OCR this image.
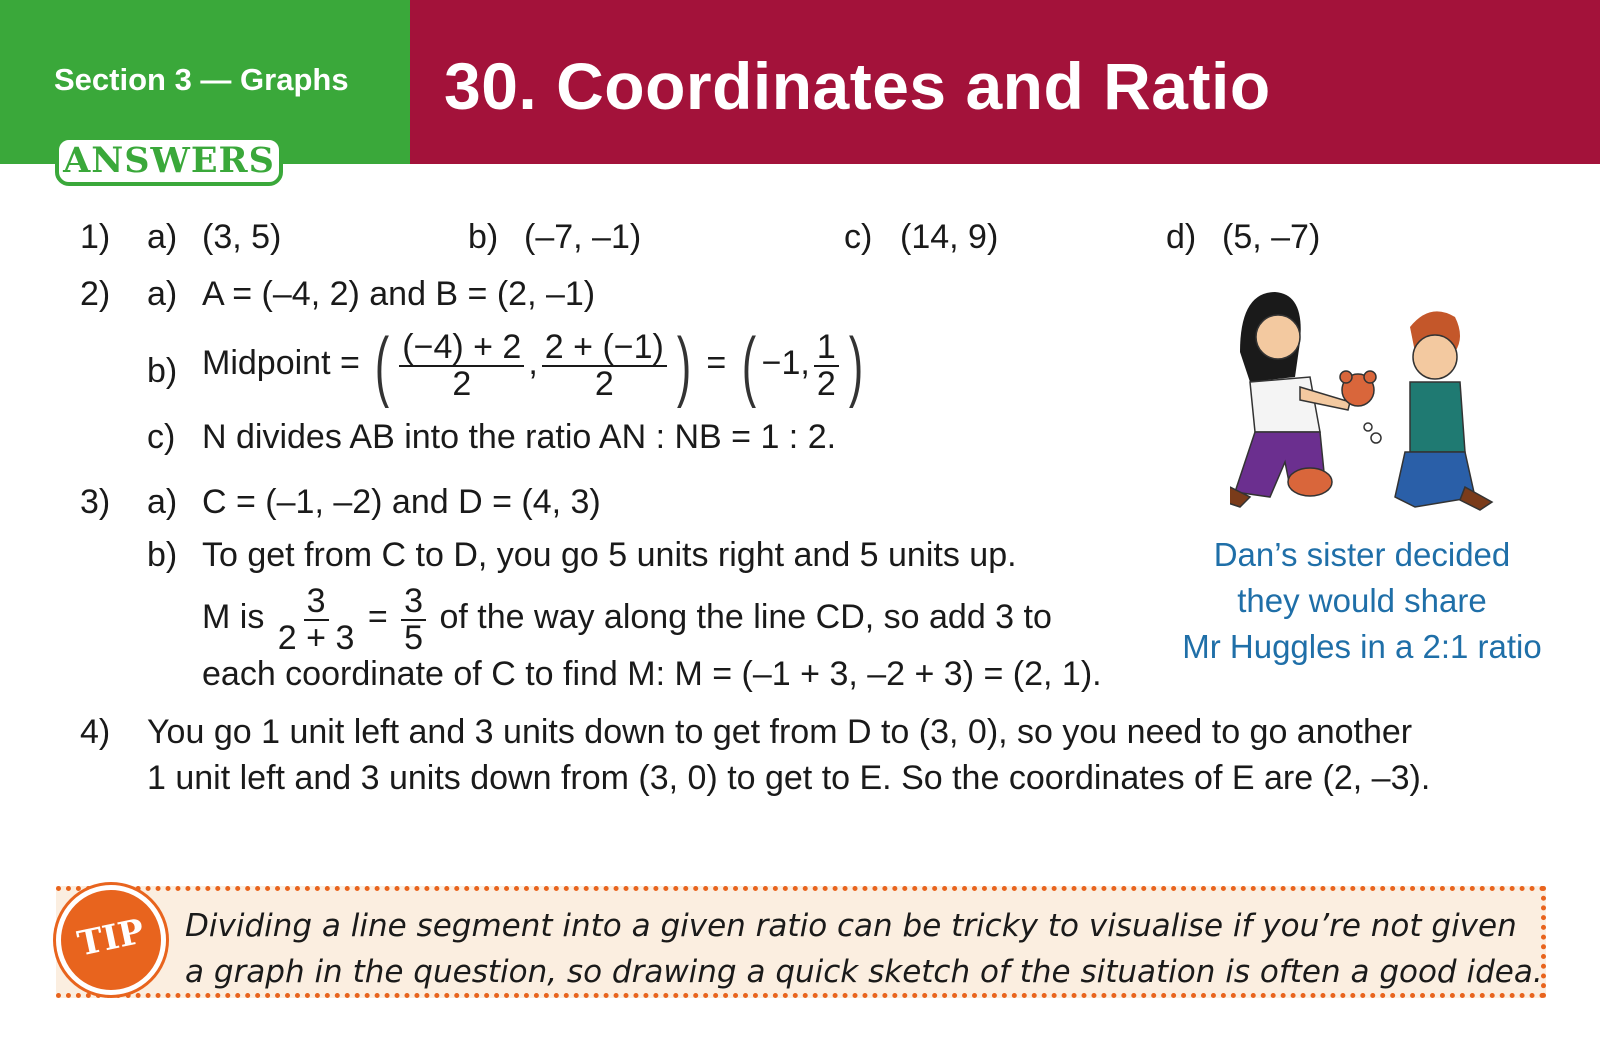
Section 3 — Graphs 30. Coordinates and Ratio
ANSWERS
1) a) (3, 5)	b) (–7, –1)	c) (14, 9)	d) (5, –7)
2) a) A = (–4, 2) and B = (2, –1)
b) Midpoint = ( $\frac{(-4) + 2}{2}$ , $\frac{2 + (-1)}{2}$ ) = ( −1, $\frac{1}{2}$ )
c) N divides AB into the ratio AN : NB = 1 : 2.
3) a) C = (–1, –2) and D = (4, 3)
b) To get from C to D, you go 5 units right and 5 units up.
M is $\frac{3}{2 + 3} = \frac{3}{5}$ of the way along the line CD, so add 3 to
each coordinate of C to find M: M = (–1 + 3, –2 + 3) = (2, 1).
4) You go 1 unit left and 3 units down to get from D to (3, 0), so you need to go another
1 unit left and 3 units down from (3, 0) to get to E. So the coordinates of E are (2, –3).
Dan’s sister decided
they would share
Mr Huggles in a 2:1 ratio
TIP	Dividing a line segment into a given ratio can be tricky to visualise if you’re not given
a graph in the question, so drawing a quick sketch of the situation is often a good idea.
